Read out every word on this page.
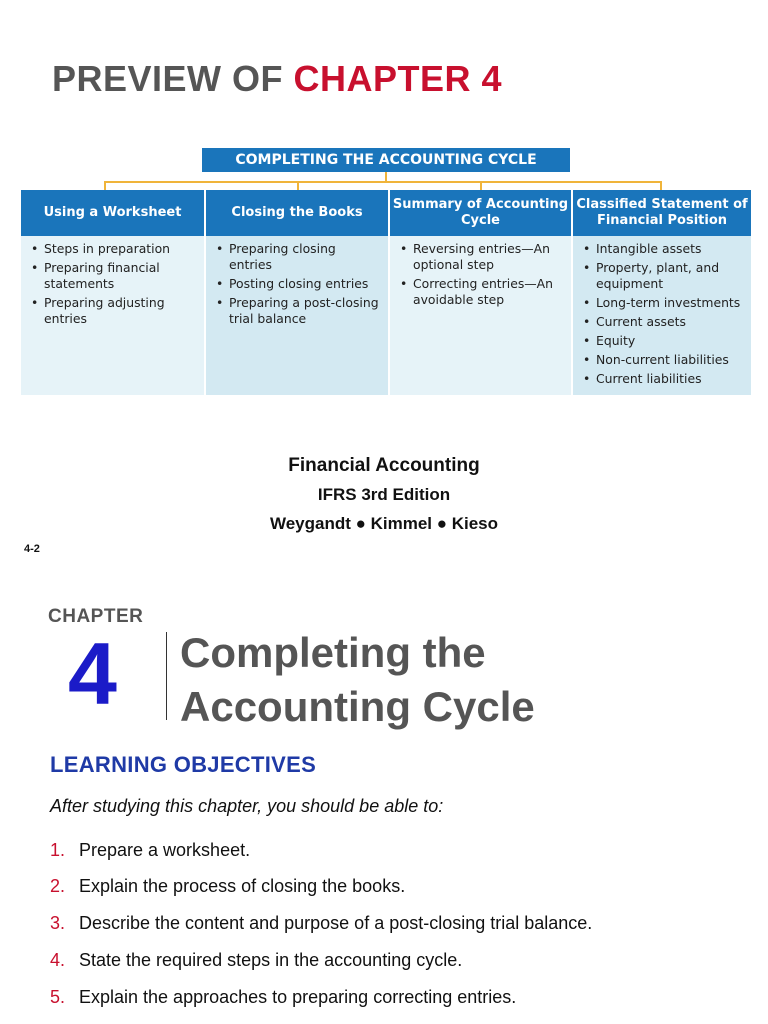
PREVIEW OF CHAPTER 4
COMPLETING THE ACCOUNTING CYCLE
Using a Worksheet
• Steps in preparation
• Preparing financial statements
• Preparing adjusting entries
Closing the Books
• Preparing closing entries
• Posting closing entries
• Preparing a post-closing trial balance
Summary of Accounting Cycle
• Reversing entries—An optional step
• Correcting entries—An avoidable step
Classified Statement of Financial Position
• Intangible assets
• Property, plant, and equipment
• Long-term investments
• Current assets
• Equity
• Non-current liabilities
• Current liabilities
Financial Accounting
IFRS 3rd Edition
Weygandt ● Kimmel ● Kieso
4-2
CHAPTER
4 Completing the
Accounting Cycle
LEARNING OBJECTIVES
After studying this chapter, you should be able to:
1. Prepare a worksheet.
2. Explain the process of closing the books.
3. Describe the content and purpose of a post-closing trial balance.
4. State the required steps in the accounting cycle.
5. Explain the approaches to preparing correcting entries.
